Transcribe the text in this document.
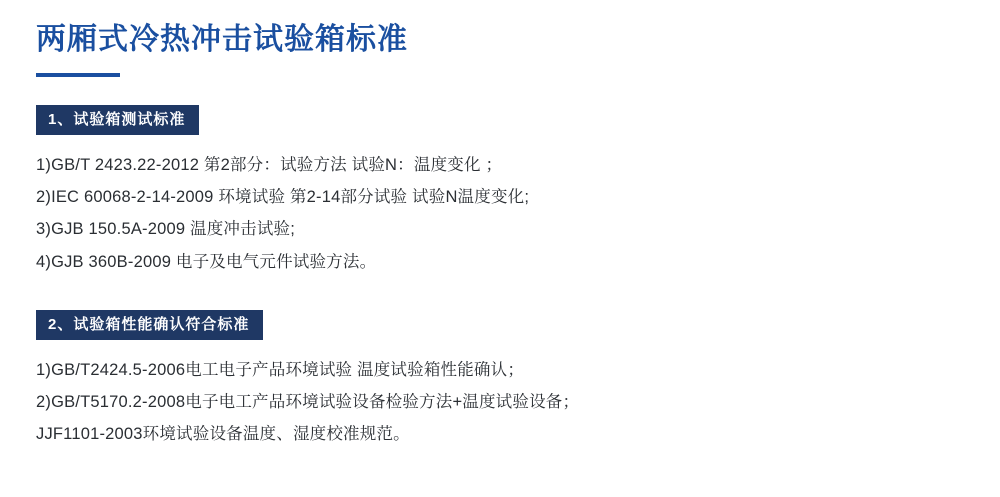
两厢式冷热冲击试验箱标准
1、试验箱测试标准
1)GB/T 2423.22-2012 第2部分：试验方法 试验N：温度变化 ；
2)IEC 60068-2-14-2009 环境试验 第2-14部分试验 试验N温度变化;
3)GJB 150.5A-2009 温度冲击试验;
4)GJB 360B-2009 电子及电气元件试验方法。
2、试验箱性能确认符合标准
1)GB/T2424.5-2006电工电子产品环境试验 温度试验箱性能确认；
2)GB/T5170.2-2008电子电工产品环境试验设备检验方法+温度试验设备；
JJF1101-2003环境试验设备温度、湿度校准规范。
